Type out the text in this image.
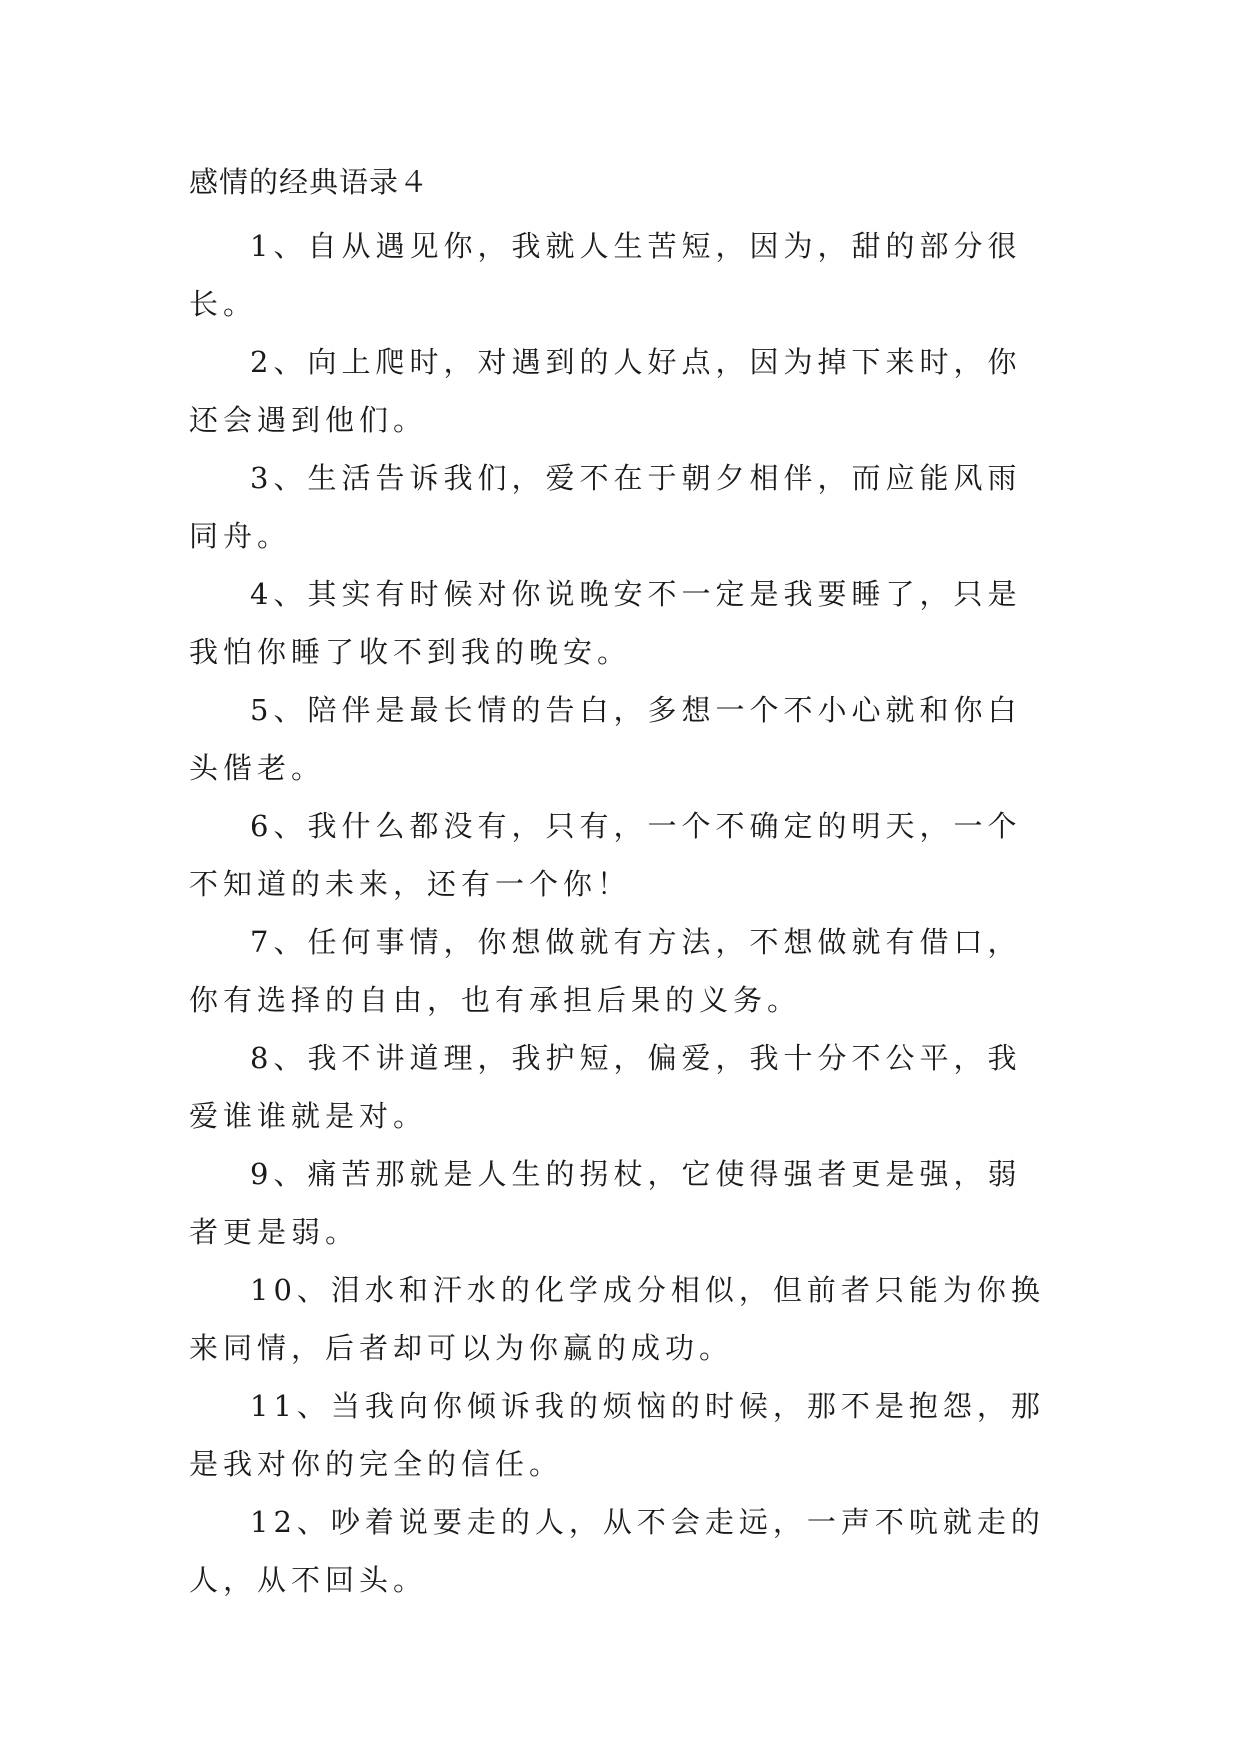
感情的经典语录４

1、自从遇见你，我就人生苦短，因为，甜的部分很长。

2、向上爬时，对遇到的人好点，因为掉下来时，你还会遇到他们。

3、生活告诉我们，爱不在于朝夕相伴，而应能风雨同舟。

4、其实有时候对你说晚安不一定是我要睡了，只是我怕你睡了收不到我的晚安。

5、陪伴是最长情的告白，多想一个不小心就和你白头偕老。

6、我什么都没有，只有，一个不确定的明天，一个不知道的未来，还有一个你！

7、任何事情，你想做就有方法，不想做就有借口，你有选择的自由，也有承担后果的义务。

8、我不讲道理，我护短，偏爱，我十分不公平，我爱谁谁就是对。

9、痛苦那就是人生的拐杖，它使得强者更是强，弱者更是弱。

10、泪水和汗水的化学成分相似，但前者只能为你换来同情，后者却可以为你赢的成功。

11、当我向你倾诉我的烦恼的时候，那不是抱怨，那是我对你的完全的信任。

12、吵着说要走的人，从不会走远，一声不吭就走的人，从不回头。
